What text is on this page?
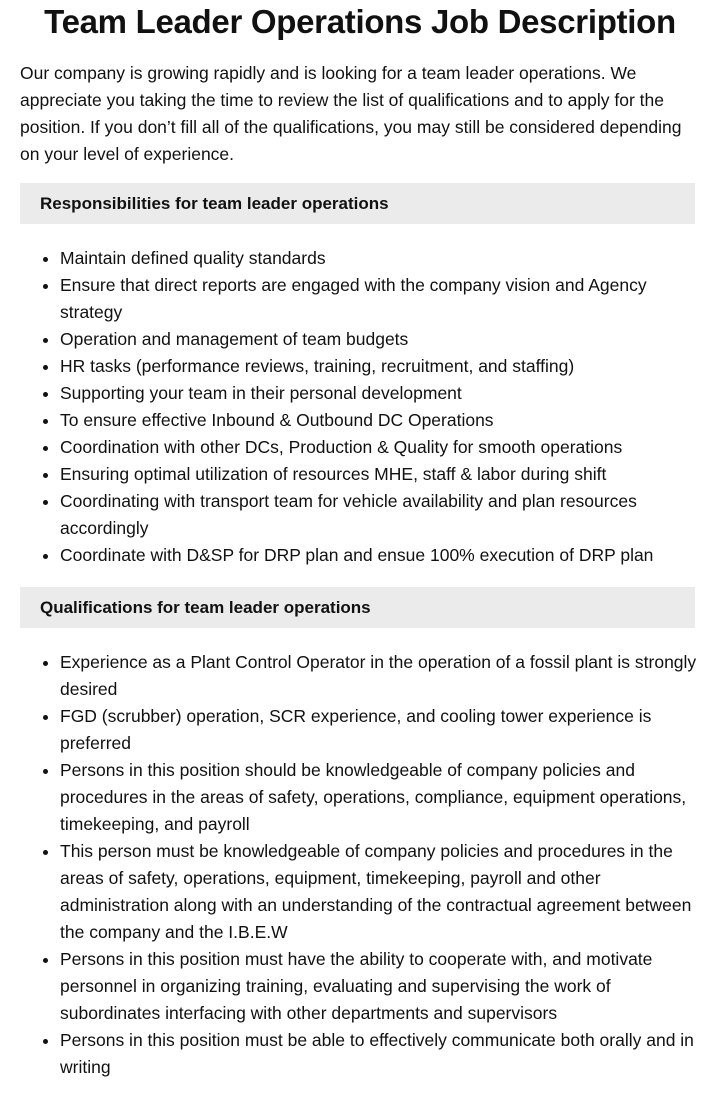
Team Leader Operations Job Description

Our company is growing rapidly and is looking for a team leader operations. We appreciate you taking the time to review the list of qualifications and to apply for the position. If you don’t fill all of the qualifications, you may still be considered depending on your level of experience.

Responsibilities for team leader operations
• Maintain defined quality standards
• Ensure that direct reports are engaged with the company vision and Agency strategy
• Operation and management of team budgets
• HR tasks (performance reviews, training, recruitment, and staffing)
• Supporting your team in their personal development
• To ensure effective Inbound & Outbound DC Operations
• Coordination with other DCs, Production & Quality for smooth operations
• Ensuring optimal utilization of resources MHE, staff & labor during shift
• Coordinating with transport team for vehicle availability and plan resources accordingly
• Coordinate with D&SP for DRP plan and ensue 100% execution of DRP plan
Qualifications for team leader operations
• Experience as a Plant Control Operator in the operation of a fossil plant is strongly desired
• FGD (scrubber) operation, SCR experience, and cooling tower experience is preferred
• Persons in this position should be knowledgeable of company policies and procedures in the areas of safety, operations, compliance, equipment operations, timekeeping, and payroll
• This person must be knowledgeable of company policies and procedures in the areas of safety, operations, equipment, timekeeping, payroll and other administration along with an understanding of the contractual agreement between the company and the I.B.E.W
• Persons in this position must have the ability to cooperate with, and motivate personnel in organizing training, evaluating and supervising the work of subordinates interfacing with other departments and supervisors
• Persons in this position must be able to effectively communicate both orally and in writing
